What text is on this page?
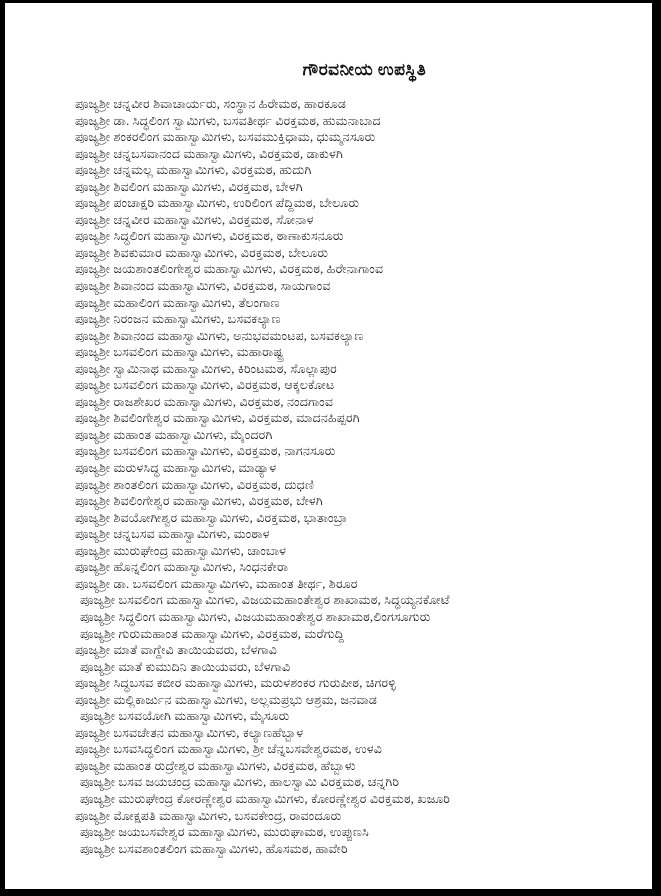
ಗೌರವನೀಯ ಉಪಸ್ಥಿತಿ
ಪೂಜ್ಯಶ್ರೀ ಚನ್ನವೀರ ಶಿವಾಚಾರ್ಯರು, ಸಂಸ್ಥಾನ ಹಿರೇಮಠ, ಹಾರಕೂಡ
ಪೂಜ್ಯಶ್ರೀ ಡಾ. ಸಿದ್ಧಲಿಂಗ ಸ್ವಾಮಿಗಳು, ಬಸವತೀರ್ಥ ವಿರಕ್ತಮಠ, ಹುಮನಾಬಾದ
ಪೂಜ್ಯಶ್ರೀ ಶಂಕರಲಿಂಗ ಮಹಾಸ್ವಾಮಿಗಳು, ಬಸವಮುಕ್ತಿಧಾಮ, ಧುಮ್ಮನಸೂರು
ಪೂಜ್ಯಶ್ರೀ ಚನ್ನಬಸವಾನಂದ ಮಹಾಸ್ವಾಮಿಗಳು, ವಿರಕ್ತಮಠ, ಡಾಕುಳಗಿ
ಪೂಜ್ಯಶ್ರೀ ಚನ್ನಮಲ್ಲ ಮಹಾಸ್ವಾಮಿಗಳು, ವಿರಕ್ತಮಠ, ಹುದುಗಿ
ಪೂಜ್ಯಶ್ರೀ ಶಿವಲಿಂಗ ಮಹಾಸ್ವಾಮಿಗಳು, ವಿರಕ್ತಮಠ, ಬೇಳಗಿ
ಪೂಜ್ಯಶ್ರೀ ಪಂಚಾಕ್ಷರಿ ಮಹಾಸ್ವಾಮಿಗಳು, ಉರಿಲಿಂಗ ಪೆದ್ದಿಮಠ, ಬೇಲೂರು
ಪೂಜ್ಯಶ್ರೀ ಚನ್ನವೀರ ಮಹಾಸ್ವಾಮಿಗಳು, ವಿರಕ್ತಮಠ, ಸೋನಾಳ
ಪೂಜ್ಯಶ್ರೀ ಸಿದ್ಧಲಿಂಗ ಮಹಾಸ್ವಾಮಿಗಳು, ವಿರಕ್ತಮಠ, ಠಾಣಾಕುಸನೂರು
ಪೂಜ್ಯಶ್ರೀ ಶಿವಕುಮಾರ ಮಹಾಸ್ವಾಮಿಗಳು, ವಿರಕ್ತಮಠ, ಬೇಲೂರು
ಪೂಜ್ಯಶ್ರೀ ಜಯಶಾಂತಲಿಂಗೇಶ್ವರ ಮಹಾಸ್ವಾಮಿಗಳು, ವಿರಕ್ತಮಠ, ಹಿರೇನಾಗಾಂವ
ಪೂಜ್ಯಶ್ರೀ ಶಿವಾನಂದ ಮಹಾಸ್ವಾಮಿಗಳು, ವಿರಕ್ತಮಠ, ಸಾಯಗಾಂವ
ಪೂಜ್ಯಶ್ರೀ ಮಹಾಲಿಂಗ ಮಹಾಸ್ವಾಮಿಗಳು, ತೆಲಂಗಾಣ
ಪೂಜ್ಯಶ್ರೀ ನಿರಂಜನ ಮಹಾಸ್ವಾಮಿಗಳು, ಬಸವಕಲ್ಯಾಣ
ಪೂಜ್ಯಶ್ರೀ ಶಿವಾನಂದ ಮಹಾಸ್ವಾಮಿಗಳು, ಅನುಭವಮಂಟಪ, ಬಸವಕಲ್ಯಾಣ
ಪೂಜ್ಯಶ್ರೀ ಬಸವಲಿಂಗ ಮಹಾಸ್ವಾಮಿಗಳು, ಮಹಾರಾಷ್ಟ್ರ
ಪೂಜ್ಯಶ್ರೀ ಸ್ವಾಮಿನಾಥ ಮಹಾಸ್ವಾಮಿಗಳು, ಕಿರಿಂಟಮಠ, ಸೊಲ್ಲಾಪುರ
ಪೂಜ್ಯಶ್ರೀ ಬಸವಲಿಂಗ ಮಹಾಸ್ವಾಮಿಗಳು, ವಿರಕ್ತಮಠ, ಆಕ್ಕಲಕೋಟ
ಪೂಜ್ಯಶ್ರೀ ರಾಜಶೇಖರ ಮಹಾಸ್ವಾಮಿಗಳು, ವಿರಕ್ತಮಠ, ನಂದಗಾಂವ
ಪೂಜ್ಯಶ್ರೀ ಶಿವಲಿಂಗೇಶ್ವರ ಮಹಾಸ್ವಾಮಿಗಳು, ವಿರಕ್ತಮಠ, ಮಾದನಹಿಪ್ಪರಗಿ
ಪೂಜ್ಯಶ್ರೀ ಮಹಾಂತ ಮಹಾಸ್ವಾಮಿಗಳು, ಮೈಂದರಗಿ
ಪೂಜ್ಯಶ್ರೀ ಬಸವಲಿಂಗ ಮಹಾಸ್ವಾಮಿಗಳು, ವಿರಕ್ತಮಠ, ನಾಗನಸೂರು
ಪೂಜ್ಯಶ್ರೀ ಮರುಳಸಿದ್ಧ ಮಹಾಸ್ವಾಮಿಗಳು, ಮಾಡ್ಯಾಳ
ಪೂಜ್ಯಶ್ರೀ ಶಾಂತಲಿಂಗ ಮಹಾಸ್ವಾಮಿಗಳು, ವಿರಕ್ತಮಠ, ದುಧಣಿ
ಪೂಜ್ಯಶ್ರೀ ಶಿವಲಿಂಗೇಶ್ವರ ಮಹಾಸ್ವಾಮಿಗಳು, ವಿರಕ್ತಮಠ, ಬೇಳಗಿ
ಪೂಜ್ಯಶ್ರೀ ಶಿವಯೋಗೀಶ್ವರ ಮಹಾಸ್ವಾಮಿಗಳು, ವಿರಕ್ತಮಠ, ಭಾತಾಂಬ್ರಾ
ಪೂಜ್ಯಶ್ರೀ ಚನ್ನಬಸವ ಮಹಾಸ್ವಾಮಿಗಳು, ಮಂಠಾಳ
ಪೂಜ್ಯಶ್ರೀ ಮುರುಘೇಂದ್ರ ಮಹಾಸ್ವಾಮಿಗಳು, ಚಾಂಬಾಳ
ಪೂಜ್ಯಶ್ರೀ ಹೊನ್ನಲಿಂಗ ಮಹಾಸ್ವಾಮಿಗಳು, ಸಿಂಧನಕೇರಾ
ಪೂಜ್ಯಶ್ರೀ ಡಾ. ಬಸವಲಿಂಗ ಮಹಾಸ್ವಾಮಿಗಳು, ಮಹಾಂತ ತೀರ್ಥ, ಶಿರೂರ
ಪೂಜ್ಯಶ್ರೀ ಬಸವಲಿಂಗ ಮಹಾಸ್ವಾಮಿಗಳು, ವಿಜಯಮಹಾಂತೇಶ್ವರ ಶಾಖಾಮಠ, ಸಿದ್ಧಯ್ಯನಕೋಟೆ
ಪೂಜ್ಯಶ್ರೀ ಸಿದ್ಧಲಿಂಗ ಮಹಾಸ್ವಾಮಿಗಳು, ವಿಜಯಮಹಾಂತೇಶ್ವರ ಶಾಖಾಮಠ,ಲಿಂಗಸೂಗುರು
ಪೂಜ್ಯಶ್ರೀ ಗುರುಮಹಾಂತ ಮಹಾಸ್ವಾಮಿಗಳು, ವಿರಕ್ತಮಠ, ಮರೆಗುದ್ದಿ
ಪೂಜ್ಯಶ್ರೀ ಮಾತೆ ವಾಗ್ದೇವಿ ತಾಯಿಯವರು, ಬೆಳಗಾವಿ
ಪೂಜ್ಯಶ್ರೀ ಮಾತೆ ಕುಮುದಿನಿ ತಾಯಿಯವರು, ಬೆಳಗಾವಿ
ಪೂಜ್ಯಶ್ರೀ ಸಿದ್ಧಬಸವ ಕಬೀರ ಮಹಾಸ್ವಾಮಿಗಳು, ಮರುಳಶಂಕರ ಗುರುಪೀಠ, ಚಿಗರಳ್ಳಿ
ಪೂಜ್ಯಶ್ರೀ ಮಲ್ಲಿಕಾರ್ಜುನ ಮಹಾಸ್ವಾಮಿಗಳು, ಅಲ್ಲಮಪ್ರಭು ಆಶ್ರಮ, ಜನವಾಡ
ಪೂಜ್ಯಶ್ರೀ ಬಸವಯೋಗಿ ಮಹಾಸ್ವಾಮಿಗಳು, ಮೈಸೂರು
ಪೂಜ್ಯಶ್ರೀ ಬಸವಚೇತನ ಮಹಾಸ್ವಾಮಿಗಳು, ಕಲ್ಯಾಣಹೆಬ್ಬಾಳ
ಪೂಜ್ಯಶ್ರೀ ಬಸವಸಿದ್ಧಲಿಂಗ ಮಹಾಸ್ವಾಮಿಗಳು, ಶ್ರೀ ಚೆನ್ನಬಸವೇಶ್ವರಮಠ, ಉಳವಿ
ಪೂಜ್ಯಶ್ರೀ ಮಹಾಂತ ರುದ್ರೇಶ್ವರ ಮಹಾಸ್ವಾಮಿಗಳು, ವಿರಕ್ತಮಠ, ಹೆಬ್ಬಾಳು
ಪೂಜ್ಯಶ್ರೀ ಬಸವ ಜಯಚಂದ್ರ ಮಹಾಸ್ವಾಮಿಗಳು, ಹಾಲಸ್ವಾಮಿ ವಿರಕ್ತಮಠ, ಚನ್ನಗಿರಿ
ಪೂಜ್ಯಶ್ರೀ ಮುರುಘೇಂದ್ರ ಕೋರಣ್ಣೇಶ್ವರ ಮಹಾಸ್ವಾಮಿಗಳು, ಕೋರಣ್ಣೇಶ್ವರ ವಿರಕ್ತಮಠ, ಖಜೂರಿ
ಪೂಜ್ಯಶ್ರೀ ಮೋಕ್ಷಪತಿ ಮಹಾಸ್ವಾಮಿಗಳು, ಬಸವಕೇಂದ್ರ, ರಾವಂದೂರು
ಪೂಜ್ಯಶ್ರೀ ಜಯಬಸವೇಶ್ವರ ಮಹಾಸ್ವಾಮಿಗಳು, ಮುರುಘಾಮಠ, ಉಪ್ಪುಣಸಿ
ಪೂಜ್ಯಶ್ರೀ ಬಸವಶಾಂತಲಿಂಗ ಮಹಾಸ್ವಾಮಿಗಳು, ಹೊಸಮಠ, ಹಾವೇರಿ
